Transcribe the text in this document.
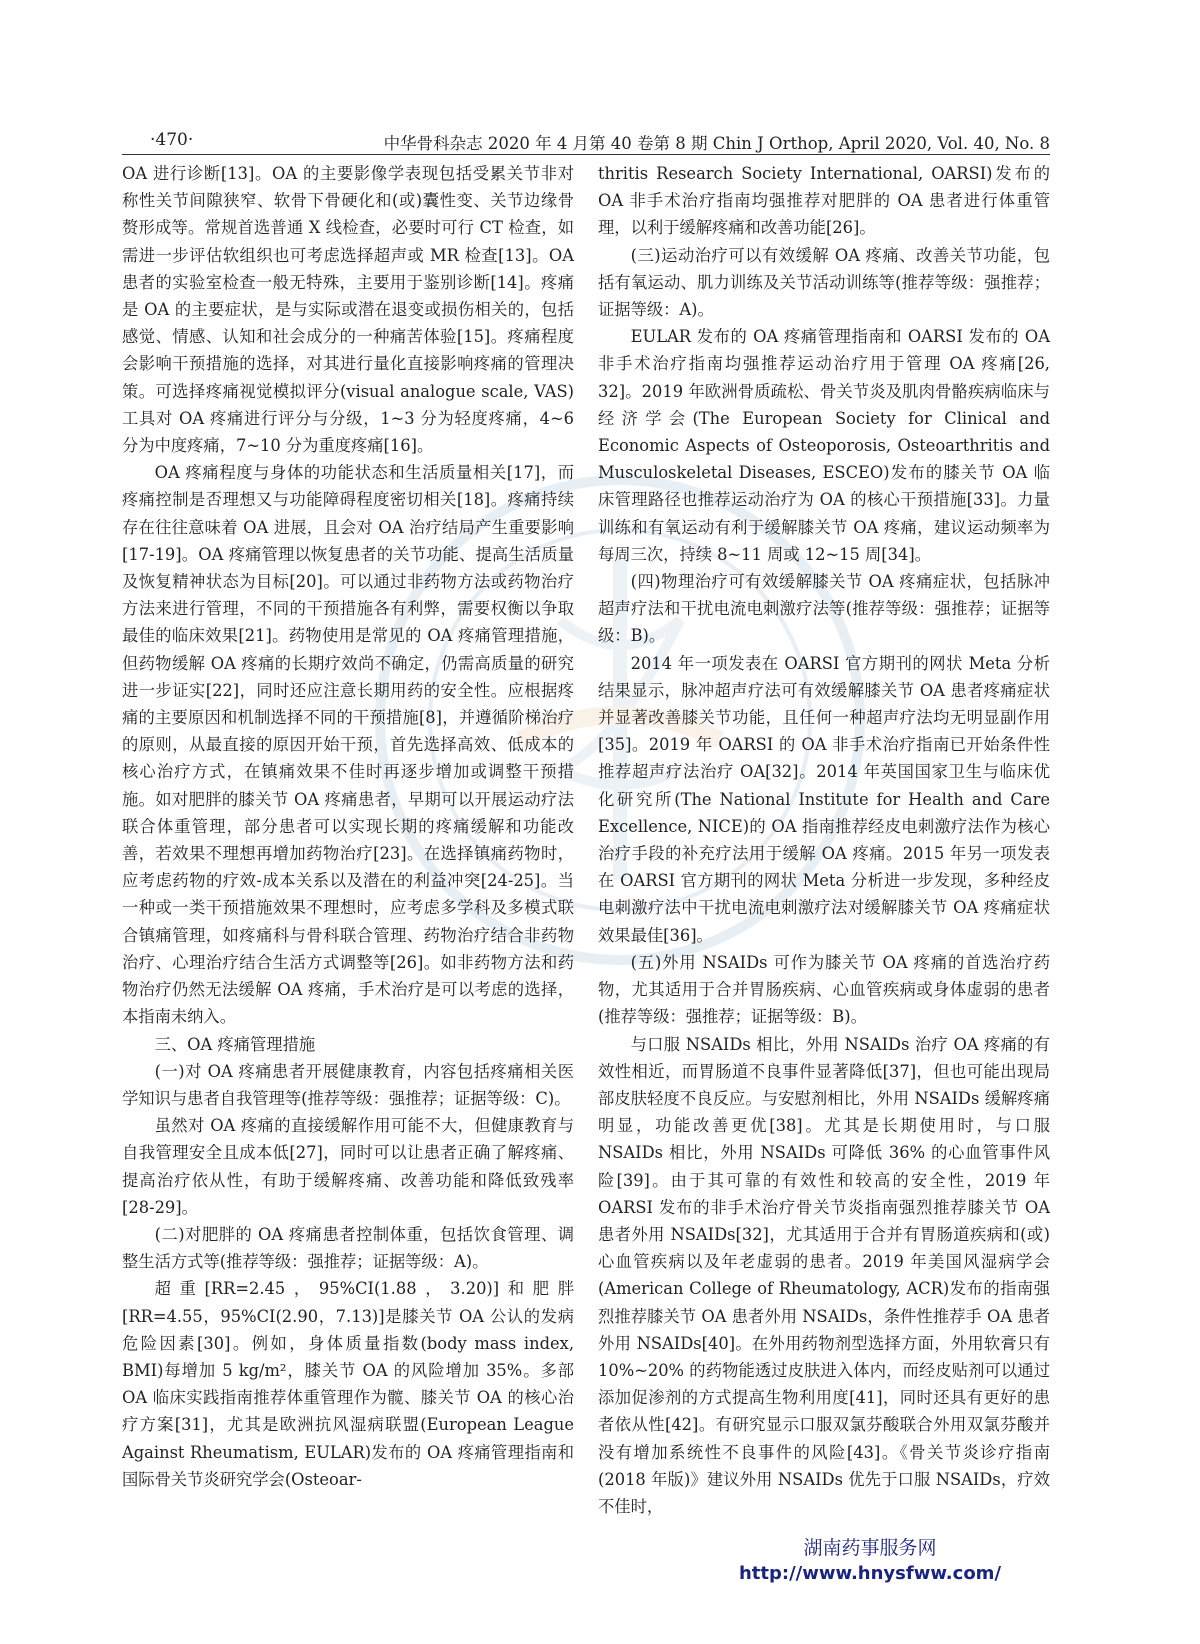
·470·	中华骨科杂志 2020 年 4 月第 40 卷第 8 期 Chin J Orthop, April 2020, Vol. 40, No. 8

OA 进行诊断[13]。OA 的主要影像学表现包括受累关节非对称性关节间隙狭窄、软骨下骨硬化和(或)囊性变、关节边缘骨赘形成等。常规首选普通 X 线检查，必要时可行 CT 检查，如需进一步评估软组织也可考虑选择超声或 MR 检查[13]。OA 患者的实验室检查一般无特殊，主要用于鉴别诊断[14]。疼痛是 OA 的主要症状，是与实际或潜在退变或损伤相关的，包括感觉、情感、认知和社会成分的一种痛苦体验[15]。疼痛程度会影响干预措施的选择，对其进行量化直接影响疼痛的管理决策。可选择疼痛视觉模拟评分(visual analogue scale, VAS)工具对 OA 疼痛进行评分与分级，1~3 分为轻度疼痛，4~6 分为中度疼痛，7~10 分为重度疼痛[16]。

OA 疼痛程度与身体的功能状态和生活质量相关[17]，而疼痛控制是否理想又与功能障碍程度密切相关[18]。疼痛持续存在往往意味着 OA 进展，且会对 OA 治疗结局产生重要影响[17-19]。OA 疼痛管理以恢复患者的关节功能、提高生活质量及恢复精神状态为目标[20]。可以通过非药物方法或药物治疗方法来进行管理，不同的干预措施各有利弊，需要权衡以争取最佳的临床效果[21]。药物使用是常见的 OA 疼痛管理措施，但药物缓解 OA 疼痛的长期疗效尚不确定，仍需高质量的研究进一步证实[22]，同时还应注意长期用药的安全性。应根据疼痛的主要原因和机制选择不同的干预措施[8]，并遵循阶梯治疗的原则，从最直接的原因开始干预，首先选择高效、低成本的核心治疗方式，在镇痛效果不佳时再逐步增加或调整干预措施。如对肥胖的膝关节 OA 疼痛患者，早期可以开展运动疗法联合体重管理，部分患者可以实现长期的疼痛缓解和功能改善，若效果不理想再增加药物治疗[23]。在选择镇痛药物时，应考虑药物的疗效-成本关系以及潜在的利益冲突[24-25]。当一种或一类干预措施效果不理想时，应考虑多学科及多模式联合镇痛管理，如疼痛科与骨科联合管理、药物治疗结合非药物治疗、心理治疗结合生活方式调整等[26]。如非药物方法和药物治疗仍然无法缓解 OA 疼痛，手术治疗是可以考虑的选择，本指南未纳入。

三、OA 疼痛管理措施

(一)对 OA 疼痛患者开展健康教育，内容包括疼痛相关医学知识与患者自我管理等(推荐等级：强推荐；证据等级：C)。

虽然对 OA 疼痛的直接缓解作用可能不大，但健康教育与自我管理安全且成本低[27]，同时可以让患者正确了解疼痛、提高治疗依从性，有助于缓解疼痛、改善功能和降低致残率[28-29]。

(二)对肥胖的 OA 疼痛患者控制体重，包括饮食管理、调整生活方式等(推荐等级：强推荐；证据等级：A)。

超重[RR=2.45，95%CI(1.88，3.20)]和肥胖[RR=4.55，95%CI(2.90，7.13)]是膝关节 OA 公认的发病危险因素[30]。例如，身体质量指数(body mass index, BMI)每增加 5 kg/m²，膝关节 OA 的风险增加 35%。多部 OA 临床实践指南推荐体重管理作为髋、膝关节 OA 的核心治疗方案[31]，尤其是欧洲抗风湿病联盟(European League Against Rheumatism, EULAR)发布的 OA 疼痛管理指南和国际骨关节炎研究学会(Osteoar-

thritis Research Society International, OARSI)发布的 OA 非手术治疗指南均强推荐对肥胖的 OA 患者进行体重管理，以利于缓解疼痛和改善功能[26]。

(三)运动治疗可以有效缓解 OA 疼痛、改善关节功能，包括有氧运动、肌力训练及关节活动训练等(推荐等级：强推荐；证据等级：A)。

EULAR 发布的 OA 疼痛管理指南和 OARSI 发布的 OA 非手术治疗指南均强推荐运动治疗用于管理 OA 疼痛[26, 32]。2019 年欧洲骨质疏松、骨关节炎及肌肉骨骼疾病临床与经济学会(The European Society for Clinical and Economic Aspects of Osteoporosis, Osteoarthritis and Musculoskeletal Diseases, ESCEO)发布的膝关节 OA 临床管理路径也推荐运动治疗为 OA 的核心干预措施[33]。力量训练和有氧运动有利于缓解膝关节 OA 疼痛，建议运动频率为每周三次，持续 8~11 周或 12~15 周[34]。

(四)物理治疗可有效缓解膝关节 OA 疼痛症状，包括脉冲超声疗法和干扰电流电刺激疗法等(推荐等级：强推荐；证据等级：B)。

2014 年一项发表在 OARSI 官方期刊的网状 Meta 分析结果显示，脉冲超声疗法可有效缓解膝关节 OA 患者疼痛症状并显著改善膝关节功能，且任何一种超声疗法均无明显副作用[35]。2019 年 OARSI 的 OA 非手术治疗指南已开始条件性推荐超声疗法治疗 OA[32]。2014 年英国国家卫生与临床优化研究所(The National Institute for Health and Care Excellence, NICE)的 OA 指南推荐经皮电刺激疗法作为核心治疗手段的补充疗法用于缓解 OA 疼痛。2015 年另一项发表在 OARSI 官方期刊的网状 Meta 分析进一步发现，多种经皮电刺激疗法中干扰电流电刺激疗法对缓解膝关节 OA 疼痛症状效果最佳[36]。

(五)外用 NSAIDs 可作为膝关节 OA 疼痛的首选治疗药物，尤其适用于合并胃肠疾病、心血管疾病或身体虚弱的患者(推荐等级：强推荐；证据等级：B)。

与口服 NSAIDs 相比，外用 NSAIDs 治疗 OA 疼痛的有效性相近，而胃肠道不良事件显著降低[37]，但也可能出现局部皮肤轻度不良反应。与安慰剂相比，外用 NSAIDs 缓解疼痛明显，功能改善更优[38]。尤其是长期使用时，与口服 NSAIDs 相比，外用 NSAIDs 可降低 36% 的心血管事件风险[39]。由于其可靠的有效性和较高的安全性，2019 年 OARSI 发布的非手术治疗骨关节炎指南强烈推荐膝关节 OA 患者外用 NSAIDs[32]，尤其适用于合并有胃肠道疾病和(或)心血管疾病以及年老虚弱的患者。2019 年美国风湿病学会(American College of Rheumatology, ACR)发布的指南强烈推荐膝关节 OA 患者外用 NSAIDs，条件性推荐手 OA 患者外用 NSAIDs[40]。在外用药物剂型选择方面，外用软膏只有 10%~20% 的药物能透过皮肤进入体内，而经皮贴剂可以通过添加促渗剂的方式提高生物利用度[41]，同时还具有更好的患者依从性[42]。有研究显示口服双氯芬酸联合外用双氯芬酸并没有增加系统性不良事件的风险[43]。《骨关节炎诊疗指南(2018 年版)》建议外用 NSAIDs 优先于口服 NSAIDs，疗效不佳时，

湖南药事服务网
http://www.hnysfww.com/
